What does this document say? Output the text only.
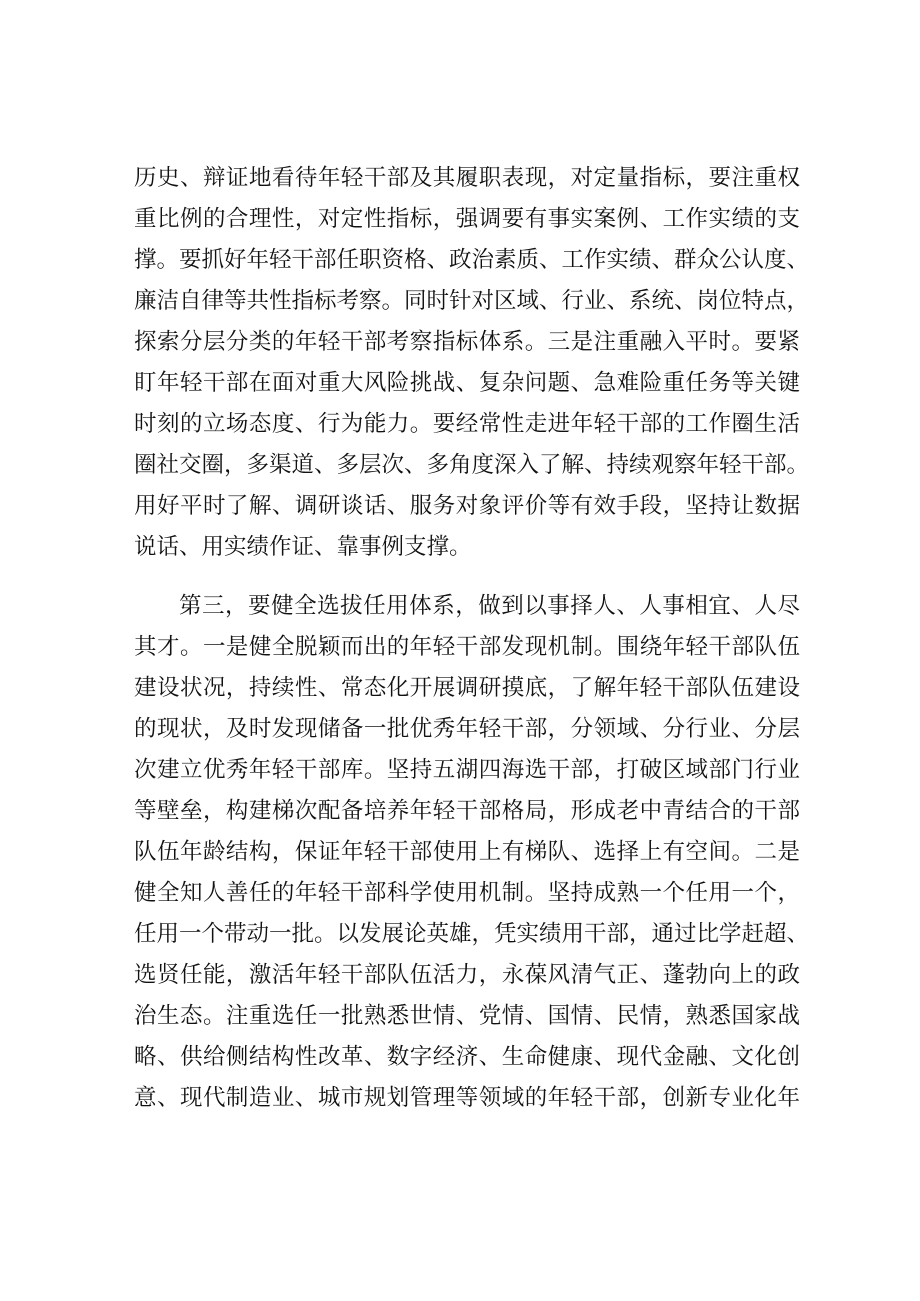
历史、辩证地看待年轻干部及其履职表现，对定量指标，要注重权
重比例的合理性，对定性指标，强调要有事实案例、工作实绩的支
撑。要抓好年轻干部任职资格、政治素质、工作实绩、群众公认度、
廉洁自律等共性指标考察。同时针对区域、行业、系统、岗位特点，
探索分层分类的年轻干部考察指标体系。三是注重融入平时。要紧
盯年轻干部在面对重大风险挑战、复杂问题、急难险重任务等关键
时刻的立场态度、行为能力。要经常性走进年轻干部的工作圈生活
圈社交圈，多渠道、多层次、多角度深入了解、持续观察年轻干部。
用好平时了解、调研谈话、服务对象评价等有效手段，坚持让数据
说话、用实绩作证、靠事例支撑。
第三，要健全选拔任用体系，做到以事择人、人事相宜、人尽
其才。一是健全脱颖而出的年轻干部发现机制。围绕年轻干部队伍
建设状况，持续性、常态化开展调研摸底，了解年轻干部队伍建设
的现状，及时发现储备一批优秀年轻干部，分领域、分行业、分层
次建立优秀年轻干部库。坚持五湖四海选干部，打破区域部门行业
等壁垒，构建梯次配备培养年轻干部格局，形成老中青结合的干部
队伍年龄结构，保证年轻干部使用上有梯队、选择上有空间。二是
健全知人善任的年轻干部科学使用机制。坚持成熟一个任用一个，
任用一个带动一批。以发展论英雄，凭实绩用干部，通过比学赶超、
选贤任能，激活年轻干部队伍活力，永葆风清气正、蓬勃向上的政
治生态。注重选任一批熟悉世情、党情、国情、民情，熟悉国家战
略、供给侧结构性改革、数字经济、生命健康、现代金融、文化创
意、现代制造业、城市规划管理等领域的年轻干部，创新专业化年
